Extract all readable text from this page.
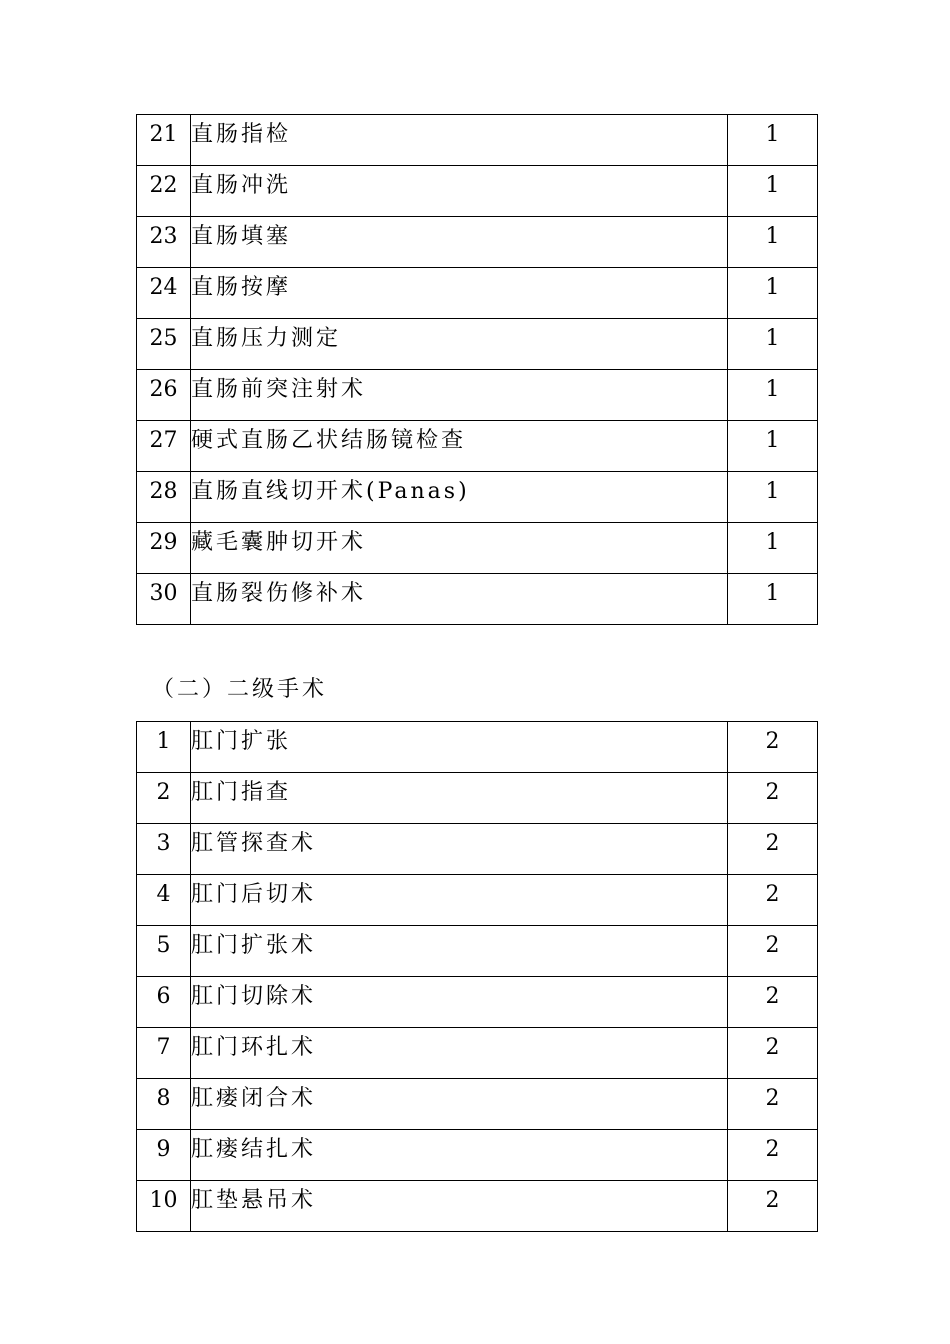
21	直肠指检	1
22	直肠冲洗	1
23	直肠填塞	1
24	直肠按摩	1
25	直肠压力测定	1
26	直肠前突注射术	1
27	硬式直肠乙状结肠镜检查	1
28	直肠直线切开术(Panas)	1
29	藏毛囊肿切开术	1
30	直肠裂伤修补术	1
（二）二级手术
1	肛门扩张	2
2	肛门指查	2
3	肛管探查术	2
4	肛门后切术	2
5	肛门扩张术	2
6	肛门切除术	2
7	肛门环扎术	2
8	肛瘘闭合术	2
9	肛瘘结扎术	2
10	肛垫悬吊术	2
